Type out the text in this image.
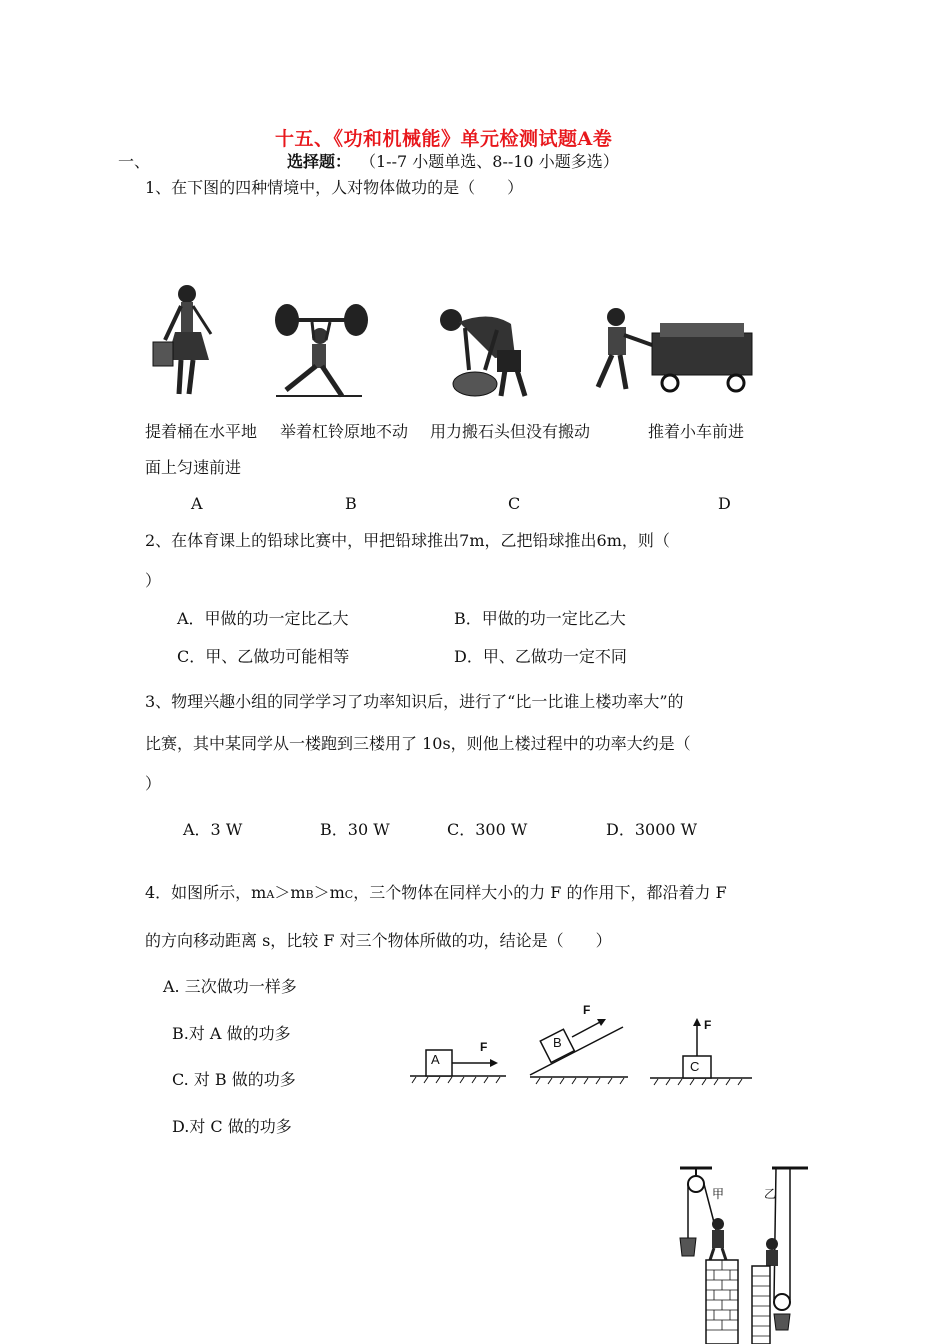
十五、《功和机械能》单元检测试题A卷
一、	选择题： （1--7 小题单选、8--10 小题多选）
1、在下图的四种情境中，人对物体做功的是（　　）
提着桶在水平地
面上匀速前进
举着杠铃原地不动 用力搬石头但没有搬动	推着小车前进
A	B	C	D
2、在体育课上的铅球比赛中，甲把铅球推出7m，乙把铅球推出6m，则（
）
A．甲做的功一定比乙大	B．甲做的功一定比乙大
C．甲、乙做功可能相等	D．甲、乙做功一定不同
3、物理兴趣小组的同学学习了功率知识后，进行了“比一比谁上楼功率大”的
比赛，其中某同学从一楼跑到三楼用了 10s，则他上楼过程中的功率大约是（
）
A．3 W	B．30 W	C．300 W	D．3000 W
4．如图所示，mA＞mB＞mC，三个物体在同样大小的力 F 的作用下，都沿着力 F
的方向移动距离 s，比较 F 对三个物体所做的功，结论是（　　）
A. 三次做功一样多
B.对 A 做的功多
C. 对 B 做的功多
D.对 C 做的功多
A
F	B
F
C
F
甲	乙
